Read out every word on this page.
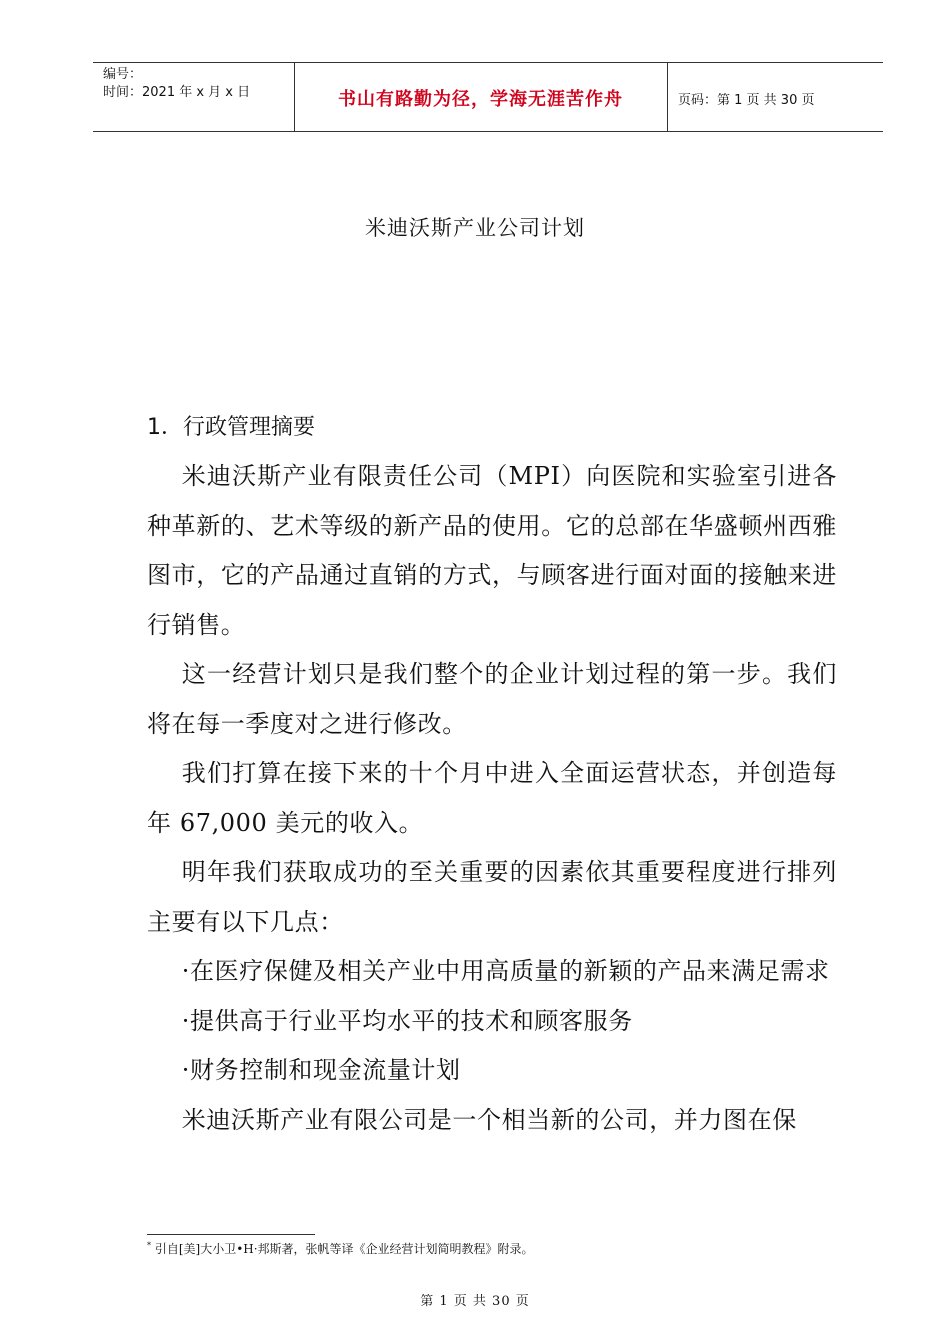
编号：
时间：2021 年 x 月 x 日	书山有路勤为径，学海无涯苦作舟	页码：第 1 页 共 30 页
米迪沃斯产业公司计划
1．行政管理摘要

米迪沃斯产业有限责任公司（MPI）向医院和实验室引进各种革新的、艺术等级的新产品的使用。它的总部在华盛顿州西雅图市，它的产品通过直销的方式，与顾客进行面对面的接触来进行销售。

这一经营计划只是我们整个的企业计划过程的第一步。我们将在每一季度对之进行修改。

我们打算在接下来的十个月中进入全面运营状态，并创造每年 67,000 美元的收入。

明年我们获取成功的至关重要的因素依其重要程度进行排列主要有以下几点：

·在医疗保健及相关产业中用高质量的新颖的产品来满足需求

·提供高于行业平均水平的技术和顾客服务

·财务控制和现金流量计划

米迪沃斯产业有限公司是一个相当新的公司，并力图在保

* 引自[美]大小卫•H·邦斯著，张帆等译《企业经营计划简明教程》附录。
第 1 页 共 30 页
